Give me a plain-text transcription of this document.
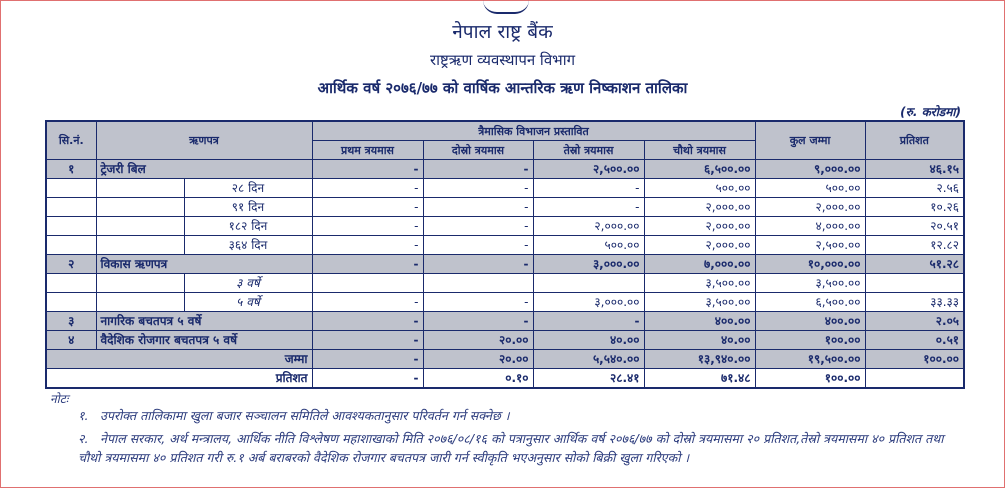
नेपाल राष्ट्र बैंक
राष्ट्रऋण व्यवस्थापन विभाग
आर्थिक वर्ष २०७६/७७ को वार्षिक आन्तरिक ऋण निष्काशन तालिका
(रु. करोडमा)
सि.नं.	ऋणपत्र		त्रैमासिक विभाजन प्रस्तावित				कुल जम्मा	प्रतिशत
			प्रथम त्रयमास	दोस्रो त्रयमास	तेस्रो त्रयमास	चौथो त्रयमास		
१	ट्रेजरी बिल		-	-	२,५००.००	६,५००.००	९,०००.००	४६.१५
		२८ दिन	-	-	-	५००.००	५००.००	२.५६
		९१ दिन	-	-	-	२,०००.००	२,०००.००	१०.२६
		१८२ दिन	-	-	२,०००.००	२,०००.००	४,०००.००	२०.५१
		३६४ दिन	-	-	५००.००	२,०००.००	२,५००.००	१२.८२
२	विकास ऋणपत्र		-	-	३,०००.००	७,०००.००	१०,०००.००	५१.२८
		३ वर्षे				३,५००.००	३,५००.००	
		५ वर्षे	-	-	३,०००.००	३,५००.००	६,५००.००	३३.३३
३	नागरिक बचतपत्र ५ वर्षे		-	-	-	४००.००	४००.००	२.०५
४	वैदेशिक रोजगार बचतपत्र ५ वर्षे		-	२०.००	४०.००	४०.००	१००.००	०.५१
जम्मा			-	२०.००	५,५४०.००	१३,९४०.००	१९,५००.००	१००.००
प्रतिशत			-	०.१०	२८.४१	७१.४८	१००.००	
नोटः
१. उपरोक्त तालिकामा खुला बजार सञ्चालन समितिले आवश्यकतानुसार परिवर्तन गर्न सक्नेछ ।
२. नेपाल सरकार, अर्थ मन्त्रालय, आर्थिक नीति विश्लेषण महाशाखाको मिति २०७६/०८/१६ को पत्रानुसार आर्थिक वर्ष २०७६/७७ को दोस्रो त्रयमासमा २० प्रतिशत,तेस्रो त्रयमासमा ४० प्रतिशत तथा चौथो त्रयमासमा ४० प्रतिशत गरी रु.१ अर्ब बराबरको वैदेशिक रोजगार बचतपत्र जारी गर्न स्वीकृति भएअनुसार सोको बिक्री खुला गरिएको ।
